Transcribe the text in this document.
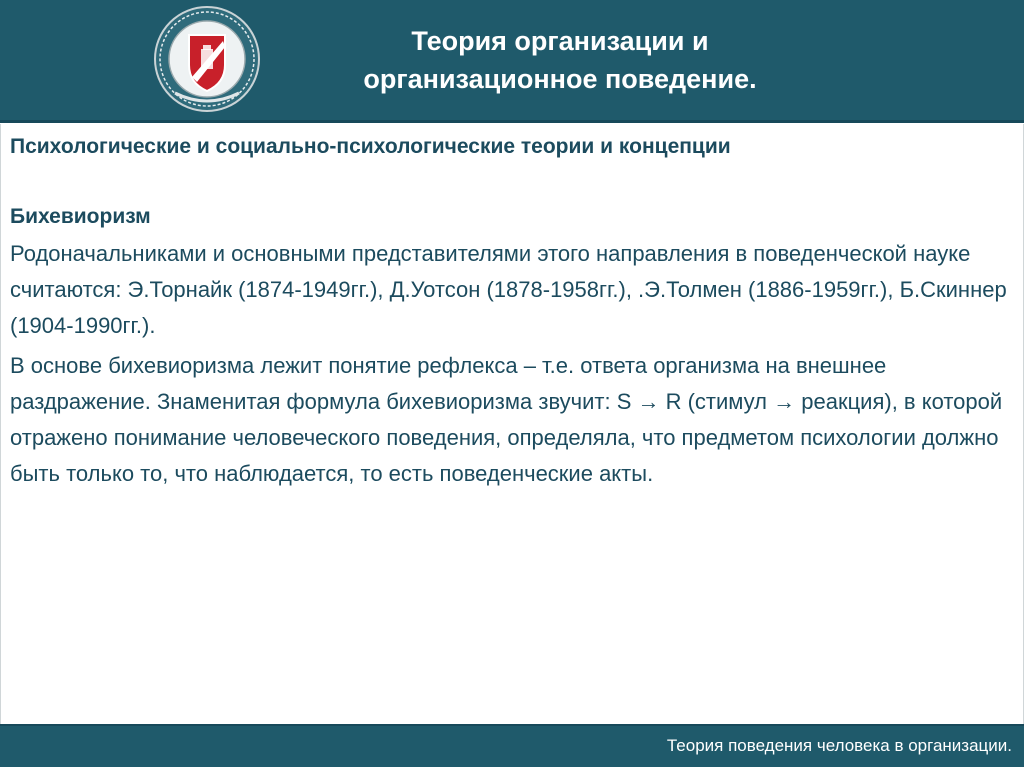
Теория организации и
организационное поведение.
Психологические и социально-психологические теории и концепции
Бихевиоризм
Родоначальниками и основными представителями этого направления в поведенческой науке считаются: Э.Торнайк (1874-1949гг.), Д.Уотсон (1878-1958гг.), .Э.Толмен (1886-1959гг.), Б.Скиннер (1904-1990гг.).
В основе бихевиоризма лежит понятие рефлекса – т.е. ответа организма на внешнее раздражение. Знаменитая формула бихевиоризма звучит: S → R (стимул → реакция), в которой отражено понимание человеческого поведения, определяла, что предметом психологии должно быть только то, что наблюдается, то есть поведенческие акты.
Теория поведения человека в организации.
